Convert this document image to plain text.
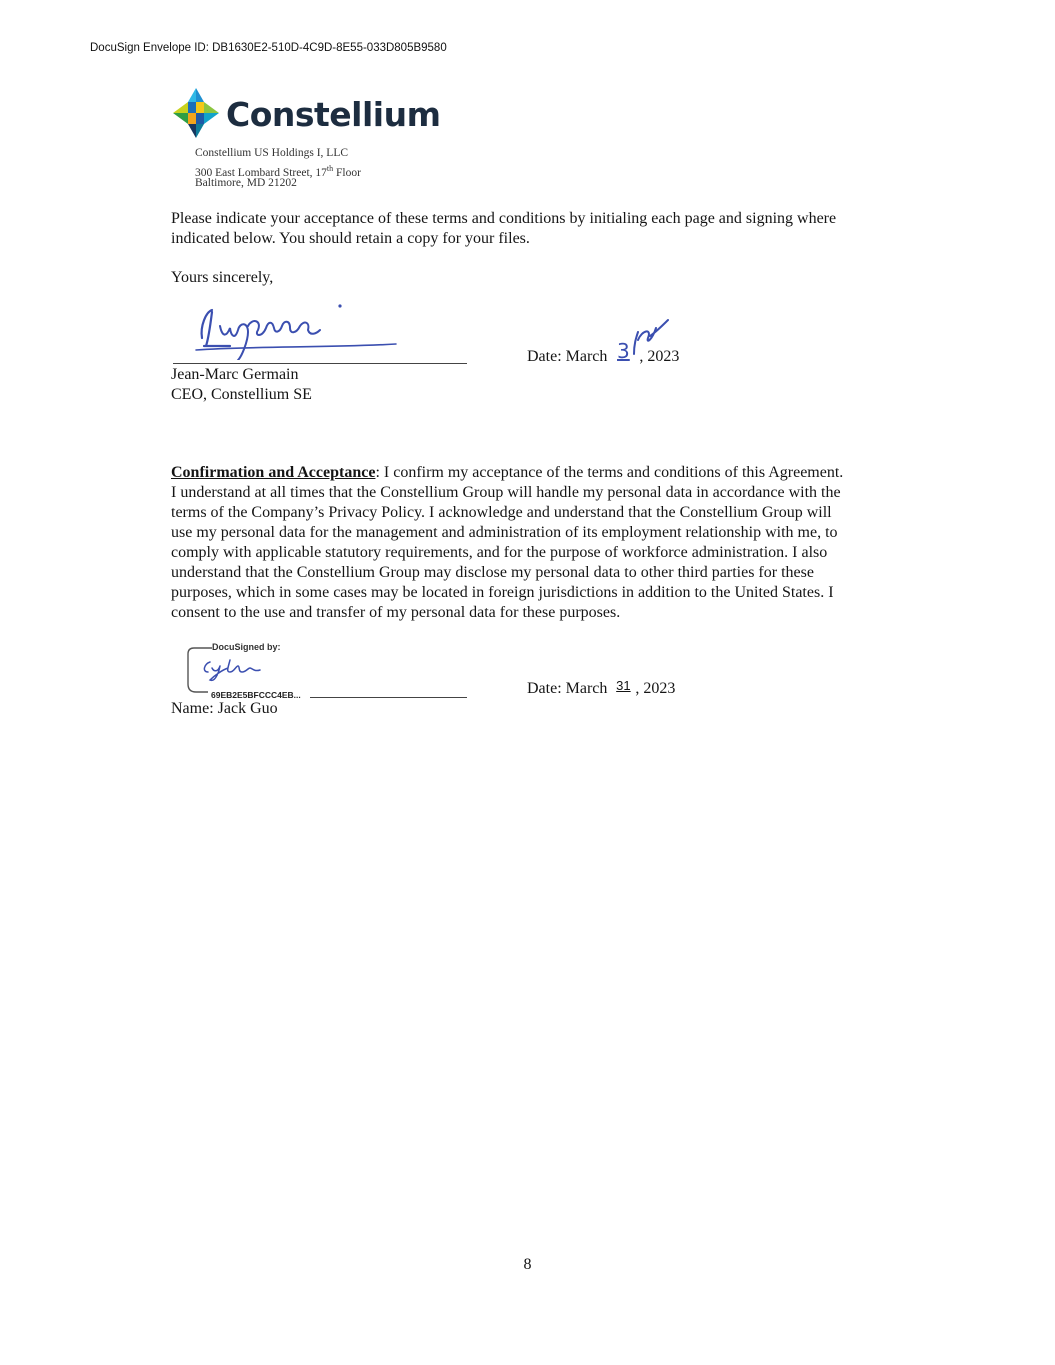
DocuSign Envelope ID: DB1630E2-510D-4C9D-8E55-033D805B9580
Constellium
Constellium US Holdings I, LLC
300 East Lombard Street, 17th Floor
Baltimore, MD 21202
Please indicate your acceptance of these terms and conditions by initialing each page and signing where
indicated below. You should retain a copy for your files.
Yours sincerely,
Jean-Marc Germain
CEO, Constellium SE
Date: March 3 , 2023
Confirmation and Acceptance: I confirm my acceptance of the terms and conditions of this Agreement.
I understand at all times that the Constellium Group will handle my personal data in accordance with the
terms of the Company’s Privacy Policy. I acknowledge and understand that the Constellium Group will
use my personal data for the management and administration of its employment relationship with me, to
comply with applicable statutory requirements, and for the purpose of workforce administration. I also
understand that the Constellium Group may disclose my personal data to other third parties for these
purposes, which in some cases may be located in foreign jurisdictions in addition to the United States. I
consent to the use and transfer of my personal data for these purposes.
DocuSigned by:
69EB2E5BFCCC4EB...
Name: Jack Guo
Date: March 31 , 2023
8
